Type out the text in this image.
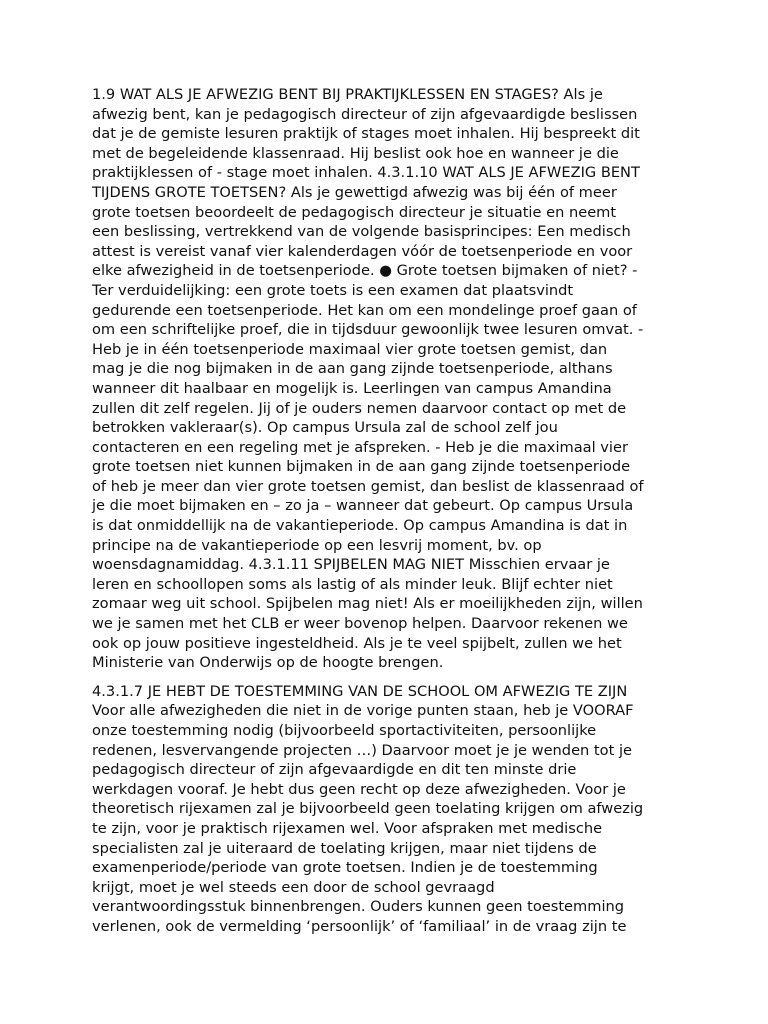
1.9 WAT ALS JE AFWEZIG BENT BIJ PRAKTIJKLESSEN EN STAGES? Als je
afwezig bent, kan je pedagogisch directeur of zijn afgevaardigde beslissen
dat je de gemiste lesuren praktijk of stages moet inhalen. Hij bespreekt dit
met de begeleidende klassenraad. Hij beslist ook hoe en wanneer je die
praktijklessen of - stage moet inhalen. 4.3.1.10 WAT ALS JE AFWEZIG BENT
TIJDENS GROTE TOETSEN? Als je gewettigd afwezig was bij één of meer
grote toetsen beoordeelt de pedagogisch directeur je situatie en neemt
een beslissing, vertrekkend van de volgende basisprincipes: Een medisch
attest is vereist vanaf vier kalenderdagen vóór de toetsenperiode en voor
elke afwezigheid in de toetsenperiode. ● Grote toetsen bijmaken of niet? -
Ter verduidelijking: een grote toets is een examen dat plaatsvindt
gedurende een toetsenperiode. Het kan om een mondelinge proef gaan of
om een schriftelijke proef, die in tijdsduur gewoonlijk twee lesuren omvat. -
Heb je in één toetsenperiode maximaal vier grote toetsen gemist, dan
mag je die nog bijmaken in de aan gang zijnde toetsenperiode, althans
wanneer dit haalbaar en mogelijk is. Leerlingen van campus Amandina
zullen dit zelf regelen. Jij of je ouders nemen daarvoor contact op met de
betrokken vakleraar(s). Op campus Ursula zal de school zelf jou
contacteren en een regeling met je afspreken. - Heb je die maximaal vier
grote toetsen niet kunnen bijmaken in de aan gang zijnde toetsenperiode
of heb je meer dan vier grote toetsen gemist, dan beslist de klassenraad of
je die moet bijmaken en – zo ja – wanneer dat gebeurt. Op campus Ursula
is dat onmiddellijk na de vakantieperiode. Op campus Amandina is dat in
principe na de vakantieperiode op een lesvrij moment, bv. op
woensdagnamiddag. 4.3.1.11 SPIJBELEN MAG NIET Misschien ervaar je
leren en schoollopen soms als lastig of als minder leuk. Blijf echter niet
zomaar weg uit school. Spijbelen mag niet! Als er moeilijkheden zijn, willen
we je samen met het CLB er weer bovenop helpen. Daarvoor rekenen we
ook op jouw positieve ingesteldheid. Als je te veel spijbelt, zullen we het
Ministerie van Onderwijs op de hoogte brengen.

4.3.1.7 JE HEBT DE TOESTEMMING VAN DE SCHOOL OM AFWEZIG TE ZIJN
Voor alle afwezigheden die niet in de vorige punten staan, heb je VOORAF
onze toestemming nodig (bijvoorbeeld sportactiviteiten, persoonlijke
redenen, lesvervangende projecten …) Daarvoor moet je je wenden tot je
pedagogisch directeur of zijn afgevaardigde en dit ten minste drie
werkdagen vooraf. Je hebt dus geen recht op deze afwezigheden. Voor je
theoretisch rijexamen zal je bijvoorbeeld geen toelating krijgen om afwezig
te zijn, voor je praktisch rijexamen wel. Voor afspraken met medische
specialisten zal je uiteraard de toelating krijgen, maar niet tijdens de
examenperiode/periode van grote toetsen. Indien je de toestemming
krijgt, moet je wel steeds een door de school gevraagd
verantwoordingsstuk binnenbrengen. Ouders kunnen geen toestemming
verlenen, ook de vermelding ‘persoonlijk’ of ‘familiaal’ in de vraag zijn te
